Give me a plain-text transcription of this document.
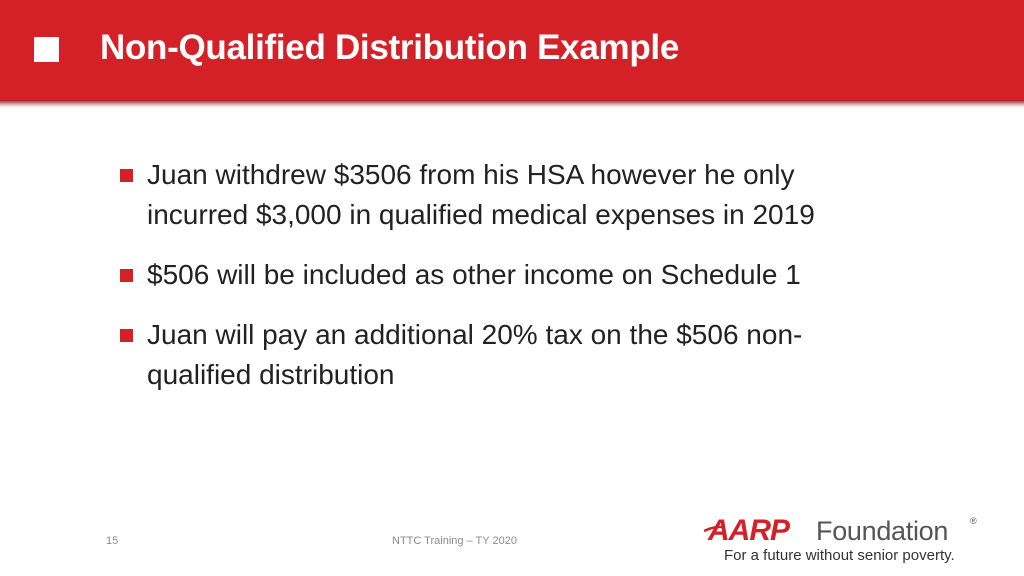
Non-Qualified Distribution Example
Juan withdrew $3506 from his HSA however he only incurred $3,000 in qualified medical expenses in 2019
$506 will be included as other income on Schedule 1
Juan will pay an additional 20% tax on the $506 non-qualified distribution
15	NTTC Training – TY 2020	AARP Foundation ®
For a future without senior poverty.
